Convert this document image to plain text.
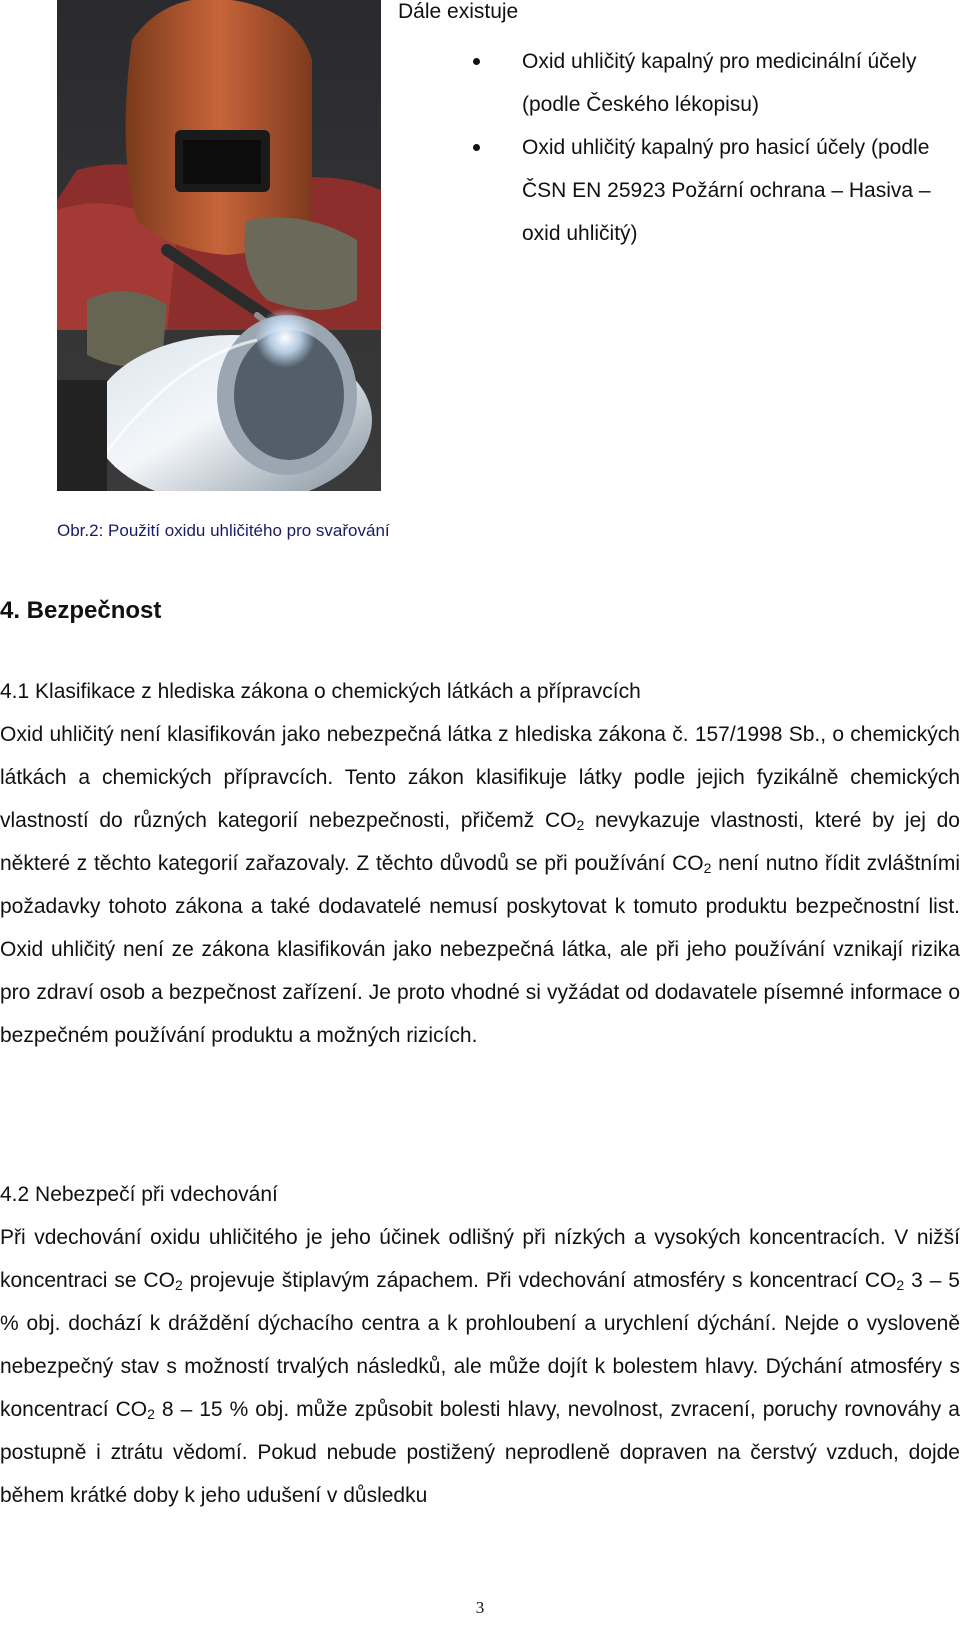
Dále existuje
Oxid uhličitý kapalný pro medicinální účely (podle Českého lékopisu)
Oxid uhličitý kapalný pro hasicí účely (podle ČSN EN 25923 Požární ochrana – Hasiva – oxid uhličitý)
Obr.2: Použití oxidu uhličitého pro svařování
4. Bezpečnost
4.1 Klasifikace z hlediska zákona o chemických látkách a přípravcích

Oxid uhličitý není klasifikován jako nebezpečná látka z hlediska zákona č. 157/1998 Sb., o chemických látkách a chemických přípravcích. Tento zákon klasifikuje látky podle jejich fyzikálně chemických vlastností do různých kategorií nebezpečnosti, přičemž $CO_2$ nevykazuje vlastnosti, které by jej do některé z těchto kategorií zařazovaly. Z těchto důvodů se při používání $CO_2$ není nutno řídit zvláštními požadavky tohoto zákona a také dodavatelé nemusí poskytovat k tomuto produktu bezpečnostní list. Oxid uhličitý není ze zákona klasifikován jako nebezpečná látka, ale při jeho používání vznikají rizika pro zdraví osob a bezpečnost zařízení. Je proto vhodné si vyžádat od dodavatele písemné informace o bezpečném používání produktu a možných rizicích.

4.2 Nebezpečí při vdechování

Při vdechování oxidu uhličitého je jeho účinek odlišný při nízkých a vysokých koncentracích. V nižší koncentraci se $CO_2$ projevuje štiplavým zápachem. Při vdechování atmosféry s koncentrací $CO_2$ 3 – 5 % obj. dochází k dráždění dýchacího centra a k prohloubení a urychlení dýchání. Nejde o vysloveně nebezpečný stav s možností trvalých následků, ale může dojít k bolestem hlavy. Dýchání atmosféry s koncentrací $CO_2$ 8 – 15 % obj. může způsobit bolesti hlavy, nevolnost, zvracení, poruchy rovnováhy a postupně i ztrátu vědomí. Pokud nebude postižený neprodleně dopraven na čerstvý vzduch, dojde během krátké doby k jeho udušení v důsledku

3
